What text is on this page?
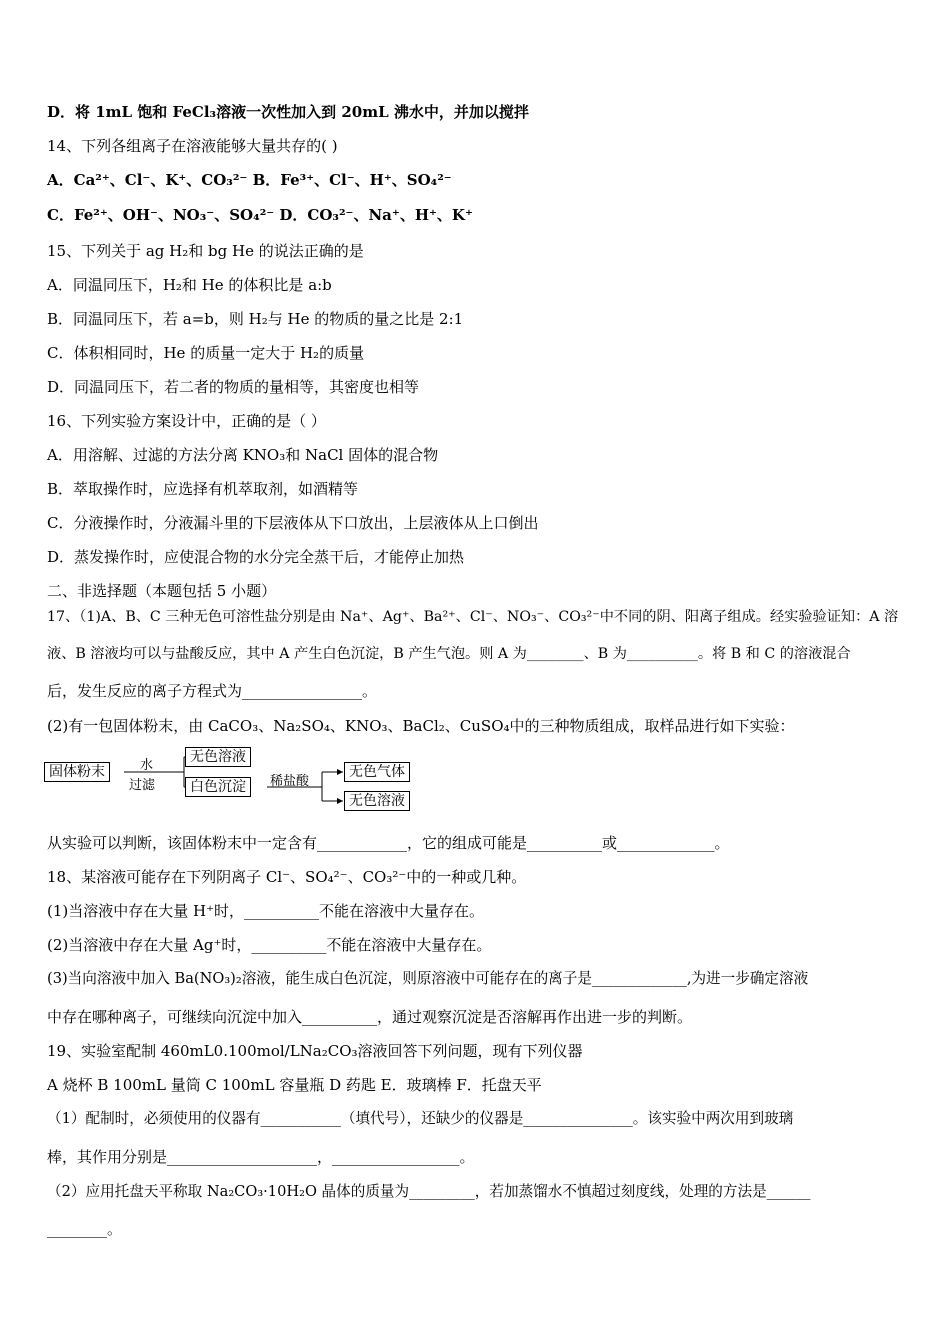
D．将 1mL 饱和 FeCl₃溶液一次性加入到 20mL 沸水中，并加以搅拌
14、下列各组离子在溶液能够大量共存的( )
A．Ca²⁺、Cl⁻、K⁺、CO₃²⁻ B．Fe³⁺、Cl⁻、H⁺、SO₄²⁻
C．Fe²⁺、OH⁻、NO₃⁻、SO₄²⁻ D．CO₃²⁻、Na⁺、H⁺、K⁺
15、下列关于 ag H₂和 bg He 的说法正确的是
A．同温同压下，H₂和 He 的体积比是 a:b
B．同温同压下，若 a=b，则 H₂与 He 的物质的量之比是 2:1
C．体积相同时，He 的质量一定大于 H₂的质量
D．同温同压下，若二者的物质的量相等，其密度也相等
16、下列实验方案设计中，正确的是（ ）
A．用溶解、过滤的方法分离 KNO₃和 NaCl 固体的混合物
B．萃取操作时，应选择有机萃取剂，如酒精等
C．分液操作时，分液漏斗里的下层液体从下口放出，上层液体从上口倒出
D．蒸发操作时，应使混合物的水分完全蒸干后，才能停止加热
二、非选择题（本题包括 5 小题）
17、（1)A、B、C 三种无色可溶性盐分别是由 Na⁺、Ag⁺、Ba²⁺、Cl⁻、NO₃⁻、CO₃²⁻中不同的阴、阳离子组成。经实验验证知：A 溶
液、B 溶液均可以与盐酸反应，其中 A 产生白色沉淀，B 产生气泡。则 A 为________、B 为__________。将 B 和 C 的溶液混合
后，发生反应的离子方程式为________________。
(2)有一包固体粉末，由 CaCO₃、Na₂SO₄、KNO₃、BaCl₂、CuSO₄中的三种物质组成，取样品进行如下实验：
固体粉末	水
过滤
无色溶液
白色沉淀	稀盐酸
无色气体
无色溶液
从实验可以判断，该固体粉末中一定含有____________，它的组成可能是__________或_____________。
18、某溶液可能存在下列阴离子 Cl⁻、SO₄²⁻、CO₃²⁻中的一种或几种。
(1)当溶液中存在大量 H⁺时，__________不能在溶液中大量存在。
(2)当溶液中存在大量 Ag⁺时，__________不能在溶液中大量存在。
(3)当向溶液中加入 Ba(NO₃)₂溶液，能生成白色沉淀，则原溶液中可能存在的离子是_____________,为进一步确定溶液
中存在哪种离子，可继续向沉淀中加入__________，通过观察沉淀是否溶解再作出进一步的判断。
19、实验室配制 460mL0.100mol/LNa₂CO₃溶液回答下列问题，现有下列仪器
A 烧杯 B 100mL 量筒 C 100mL 容量瓶 D 药匙 E．玻璃棒 F．托盘天平
（1）配制时，必须使用的仪器有___________（填代号），还缺少的仪器是_______________。该实验中两次用到玻璃
棒，其作用分别是____________________，_________________。
（2）应用托盘天平称取 Na₂CO₃·10H₂O 晶体的质量为_________，若加蒸馏水不慎超过刻度线，处理的方法是______
________。
